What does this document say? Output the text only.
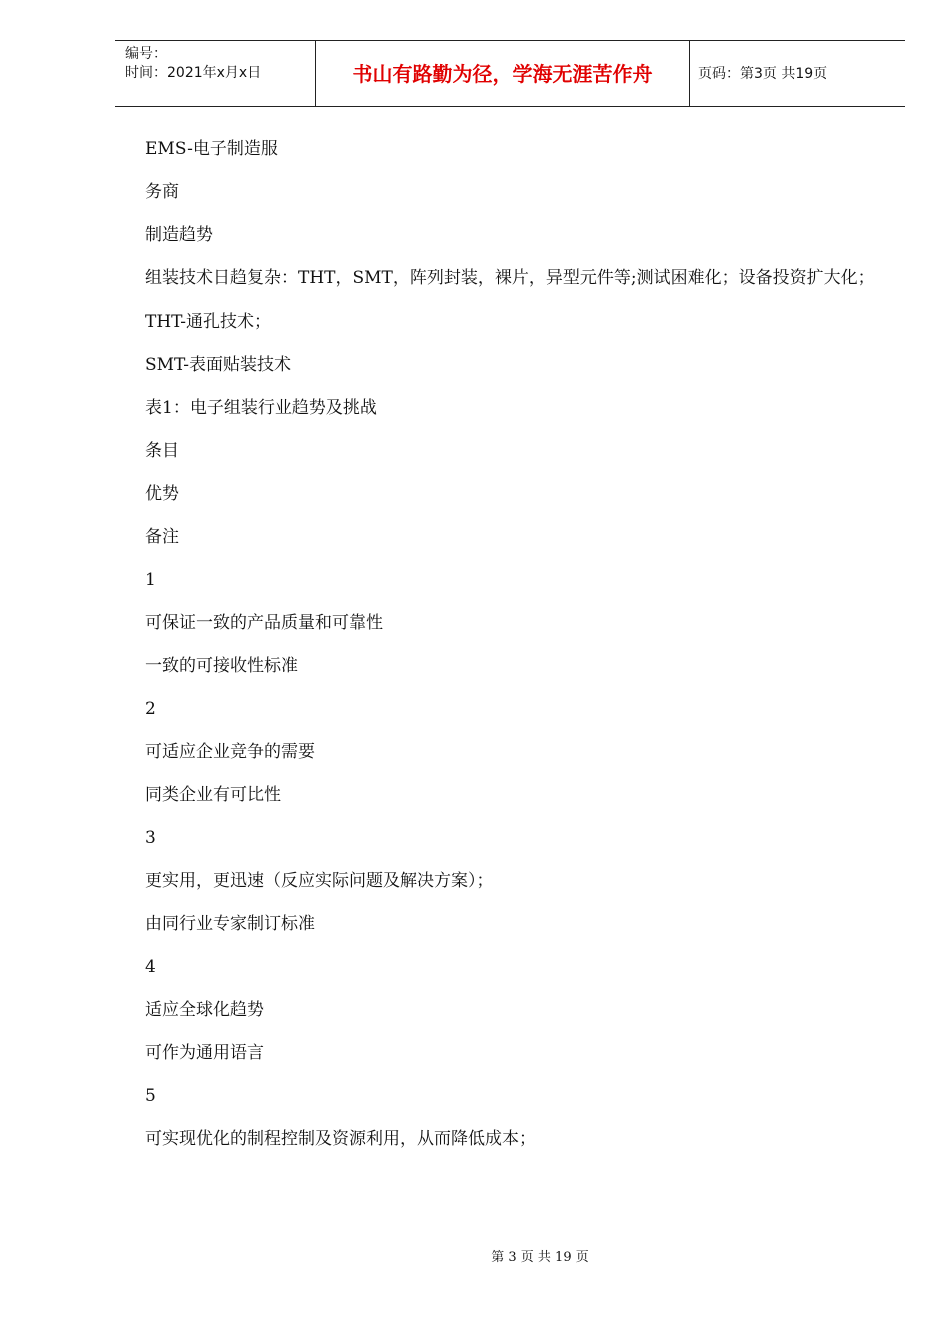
编号：
时间：2021年x月x日	书山有路勤为径，学海无涯苦作舟	页码：第3页 共19页

EMS-电子制造服

务商

制造趋势

组装技术日趋复杂：THT，SMT，阵列封装，裸片，异型元件等;测试困难化；设备投资扩大化；

THT-通孔技术；

SMT-表面贴装技术

表1：电子组装行业趋势及挑战

条目

优势

备注

1

可保证一致的产品质量和可靠性

一致的可接收性标准

2

可适应企业竞争的需要

同类企业有可比性

3

更实用，更迅速（反应实际问题及解决方案）；

由同行业专家制订标准

4

适应全球化趋势

可作为通用语言

5

可实现优化的制程控制及资源利用，从而降低成本；

第 3 页 共 19 页
